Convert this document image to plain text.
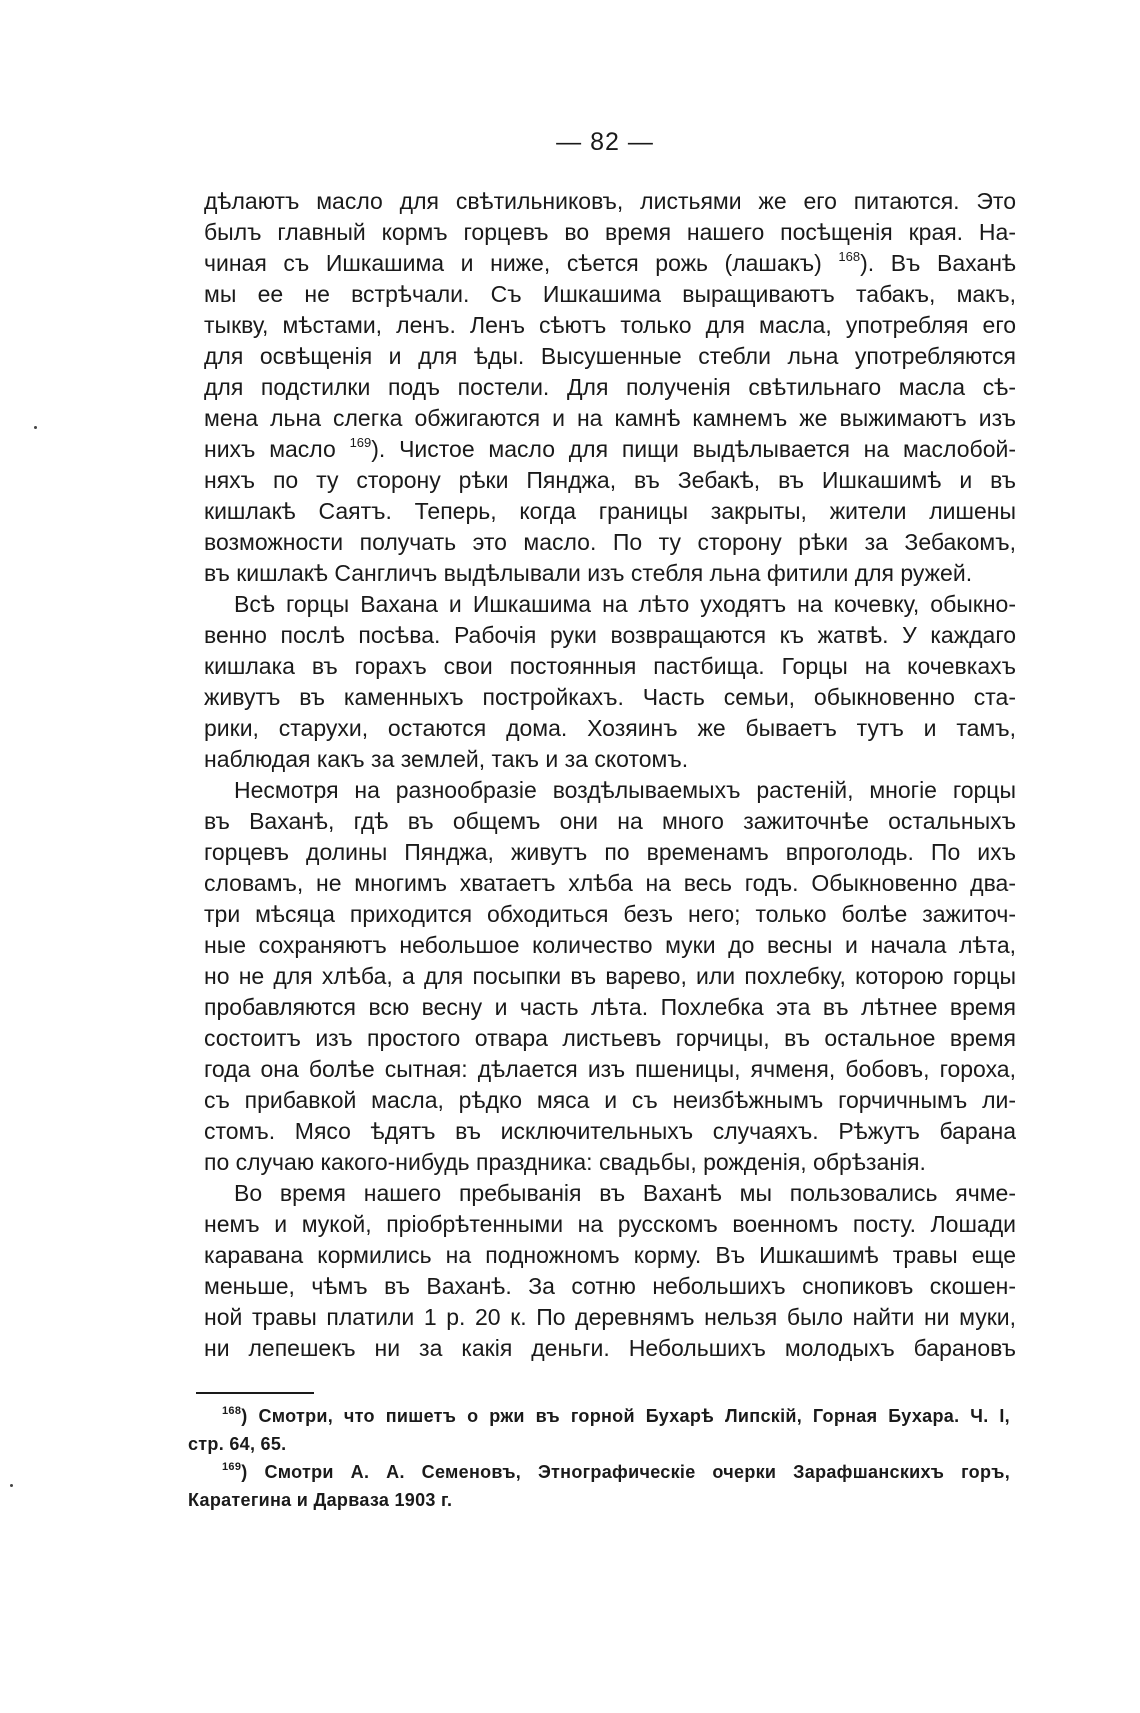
— 82 —
дѣлаютъ масло для свѣтильниковъ, листьями же его питаются. Это
былъ главный кормъ горцевъ во время нашего посѣщенія края. На-
чиная съ Ишкашима и ниже, сѣется рожь (лашакъ) $^{168}$). Въ Ваханѣ
мы ее не встрѣчали. Съ Ишкашима выращиваютъ табакъ, макъ,
тыкву, мѣстами, ленъ. Ленъ сѣютъ только для масла, употребляя его
для освѣщенія и для ѣды. Высушенные стебли льна употребляются
для подстилки подъ постели. Для полученія свѣтильнаго масла сѣ-
мена льна слегка обжигаются и на камнѣ камнемъ же выжимаютъ изъ
нихъ масло $^{169}$). Чистое масло для пищи выдѣлывается на маслобой-
няхъ по ту сторону рѣки Пянджа, въ Зебакѣ, въ Ишкашимѣ и въ
кишлакѣ Саятъ. Теперь, когда границы закрыты, жители лишены
возможности получать это масло. По ту сторону рѣки за Зебакомъ,
въ кишлакѣ Сангличъ выдѣлывали изъ стебля льна фитили для ружей.
Всѣ горцы Вахана и Ишкашима на лѣто уходятъ на кочевку, обыкно-
венно послѣ посѣва. Рабочія руки возвращаются къ жатвѣ. У каждаго
кишлака въ горахъ свои постоянныя пастбища. Горцы на кочевкахъ
живутъ въ каменныхъ постройкахъ. Часть семьи, обыкновенно ста-
рики, старухи, остаются дома. Хозяинъ же бываетъ тутъ и тамъ,
наблюдая какъ за землей, такъ и за скотомъ.
Несмотря на разнообразіе воздѣлываемыхъ растеній, многіе горцы
въ Ваханѣ, гдѣ въ общемъ они на много зажиточнѣе остальныхъ
горцевъ долины Пянджа, живутъ по временамъ впроголодь. По ихъ
словамъ, не многимъ хватаетъ хлѣба на весь годъ. Обыкновенно два-
три мѣсяца приходится обходиться безъ него; только болѣе зажиточ-
ные сохраняютъ небольшое количество муки до весны и начала лѣта,
но не для хлѣба, а для посыпки въ варево, или похлебку, которою горцы
пробавляются всю весну и часть лѣта. Похлебка эта въ лѣтнее время
состоитъ изъ простого отвара листьевъ горчицы, въ остальное время
года она болѣе сытная: дѣлается изъ пшеницы, ячменя, бобовъ, гороха,
съ прибавкой масла, рѣдко мяса и съ неизбѣжнымъ горчичнымъ ли-
стомъ. Мясо ѣдятъ въ исключительныхъ случаяхъ. Рѣжутъ барана
по случаю какого-нибудь праздника: свадьбы, рожденія, обрѣзанія.
Во время нашего пребыванія въ Ваханѣ мы пользовались ячме-
немъ и мукой, пріобрѣтенными на русскомъ военномъ посту. Лошади
каравана кормились на подножномъ корму. Въ Ишкашимѣ травы еще
меньше, чѣмъ въ Ваханѣ. За сотню небольшихъ снопиковъ скошен-
ной травы платили 1 р. 20 к. По деревнямъ нельзя было найти ни муки,
ни лепешекъ ни за какія деньги. Небольшихъ молодыхъ барановъ
$^{168}$) Смотри, что пишетъ о ржи въ горной Бухарѣ Липскій, Горная Бухара. Ч. I,
стр. 64, 65.
$^{169}$) Смотри А. А. Семеновъ, Этнографическіе очерки Зарафшанскихъ горъ,
Каратегина и Дарваза 1903 г.
